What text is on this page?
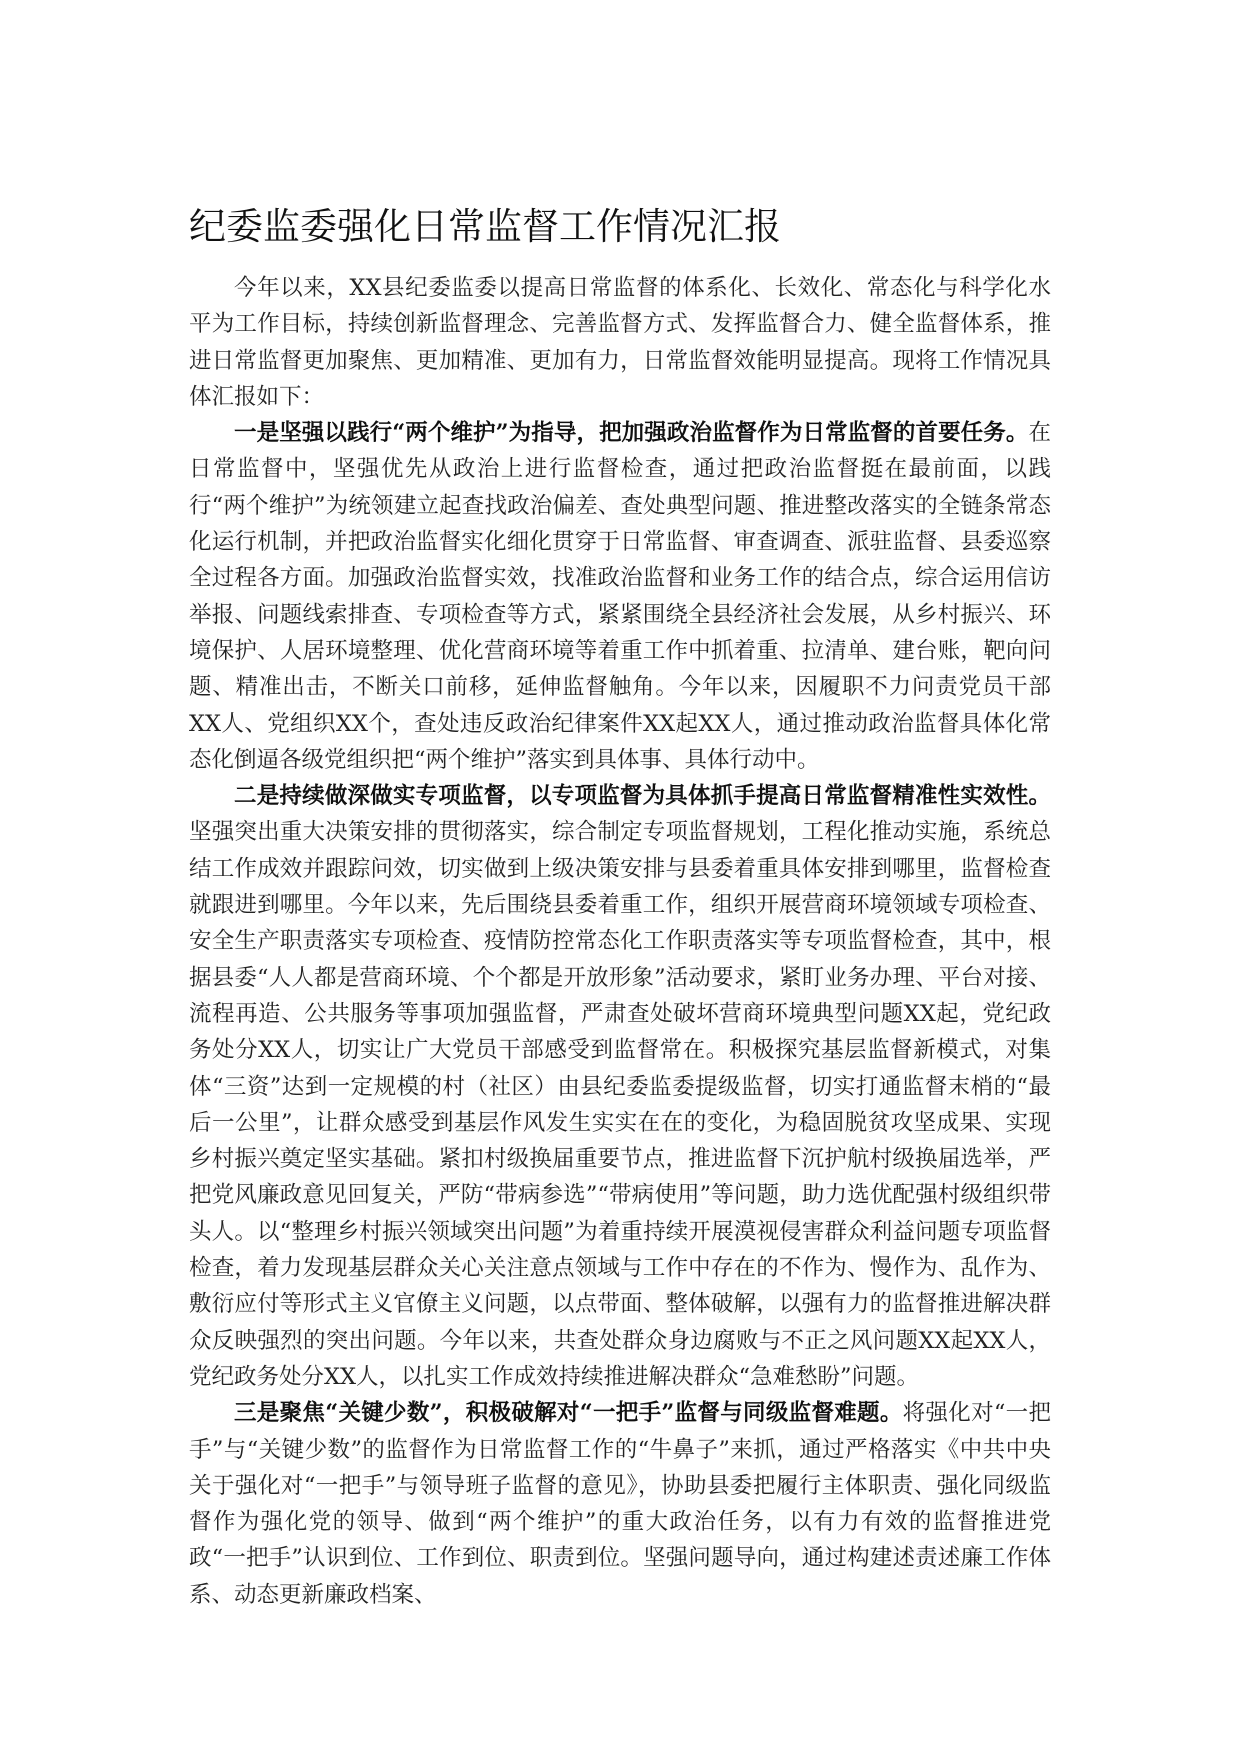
纪委监委强化日常监督工作情况汇报

今年以来，XX县纪委监委以提高日常监督的体系化、长效化、常态化与科学化水平为工作目标，持续创新监督理念、完善监督方式、发挥监督合力、健全监督体系，推进日常监督更加聚焦、更加精准、更加有力，日常监督效能明显提高。现将工作情况具体汇报如下：

一是坚强以践行“两个维护”为指导，把加强政治监督作为日常监督的首要任务。在日常监督中，坚强优先从政治上进行监督检查，通过把政治监督挺在最前面，以践行“两个维护”为统领建立起查找政治偏差、查处典型问题、推进整改落实的全链条常态化运行机制，并把政治监督实化细化贯穿于日常监督、审查调查、派驻监督、县委巡察全过程各方面。加强政治监督实效，找准政治监督和业务工作的结合点，综合运用信访举报、问题线索排查、专项检查等方式，紧紧围绕全县经济社会发展，从乡村振兴、环境保护、人居环境整理、优化营商环境等着重工作中抓着重、拉清单、建台账，靶向问题、精准出击，不断关口前移，延伸监督触角。今年以来，因履职不力问责党员干部XX人、党组织XX个，查处违反政治纪律案件XX起XX人，通过推动政治监督具体化常态化倒逼各级党组织把“两个维护”落实到具体事、具体行动中。

二是持续做深做实专项监督，以专项监督为具体抓手提高日常监督精准性实效性。坚强突出重大决策安排的贯彻落实，综合制定专项监督规划，工程化推动实施，系统总结工作成效并跟踪问效，切实做到上级决策安排与县委着重具体安排到哪里，监督检查就跟进到哪里。今年以来，先后围绕县委着重工作，组织开展营商环境领域专项检查、安全生产职责落实专项检查、疫情防控常态化工作职责落实等专项监督检查，其中，根据县委“人人都是营商环境、个个都是开放形象”活动要求，紧盯业务办理、平台对接、流程再造、公共服务等事项加强监督，严肃查处破坏营商环境典型问题XX起，党纪政务处分XX人，切实让广大党员干部感受到监督常在。积极探究基层监督新模式，对集体“三资”达到一定规模的村（社区）由县纪委监委提级监督，切实打通监督末梢的“最后一公里”，让群众感受到基层作风发生实实在在的变化，为稳固脱贫攻坚成果、实现乡村振兴奠定坚实基础。紧扣村级换届重要节点，推进监督下沉护航村级换届选举，严把党风廉政意见回复关，严防“带病参选”“带病使用”等问题，助力选优配强村级组织带头人。以“整理乡村振兴领域突出问题”为着重持续开展漠视侵害群众利益问题专项监督检查，着力发现基层群众关心关注意点领域与工作中存在的不作为、慢作为、乱作为、敷衍应付等形式主义官僚主义问题，以点带面、整体破解，以强有力的监督推进解决群众反映强烈的突出问题。今年以来，共查处群众身边腐败与不正之风问题XX起XX人，党纪政务处分XX人，以扎实工作成效持续推进解决群众“急难愁盼”问题。

三是聚焦“关键少数”，积极破解对“一把手”监督与同级监督难题。将强化对“一把手”与“关键少数”的监督作为日常监督工作的“牛鼻子”来抓，通过严格落实《中共中央关于强化对“一把手”与领导班子监督的意见》，协助县委把履行主体职责、强化同级监督作为强化党的领导、做到“两个维护”的重大政治任务，以有力有效的监督推进党政“一把手”认识到位、工作到位、职责到位。坚强问题导向，通过构建述责述廉工作体系、动态更新廉政档案、
